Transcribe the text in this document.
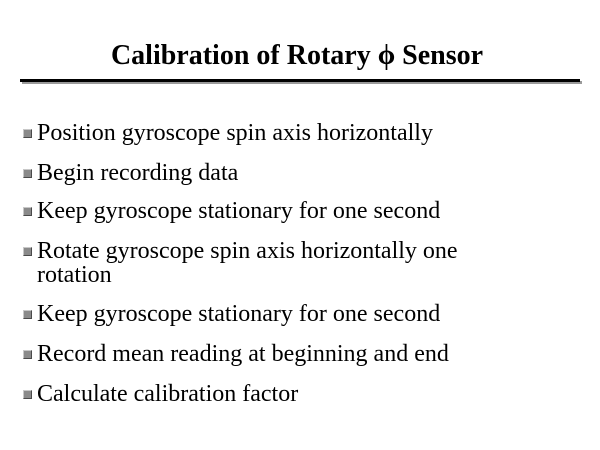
Calibration of Rotary ϕ Sensor
Position gyroscope spin axis horizontally
Begin recording data
Keep gyroscope stationary for one second
Rotate gyroscope spin axis horizontally one rotation
Keep gyroscope stationary for one second
Record mean reading at beginning and end
Calculate calibration factor
